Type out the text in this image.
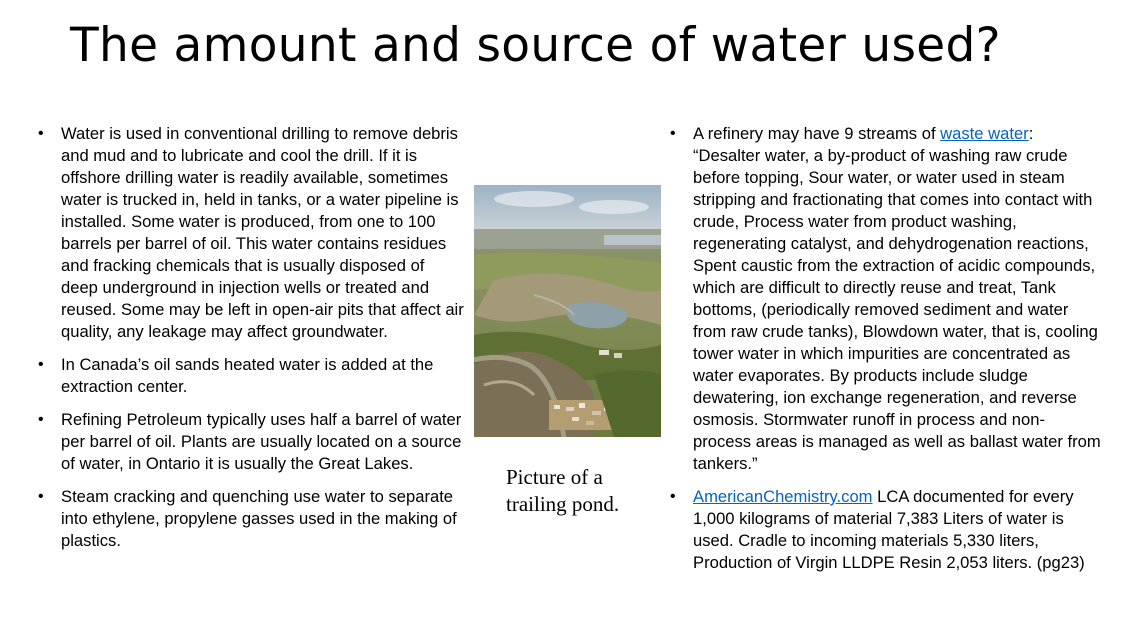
The amount and source of water used?
• Water is used in conventional drilling to remove debris and mud and to lubricate and cool the drill. If it is offshore drilling water is readily available, sometimes water is trucked in, held in tanks, or a water pipeline is installed. Some water is produced, from one to 100 barrels per barrel of oil. This water contains residues and fracking chemicals that is usually disposed of deep underground in injection wells or treated and reused. Some may be left in open-air pits that affect air quality, any leakage may affect groundwater.
• In Canada’s oil sands heated water is added at the extraction center.
• Refining Petroleum typically uses half a barrel of water per barrel of oil. Plants are usually located on a source of water, in Ontario it is usually the Great Lakes.
• Steam cracking and quenching use water to separate into ethylene, propylene gasses used in the making of plastics.
Picture of a trailing pond.
• A refinery may have 9 streams of waste water: “Desalter water, a by-product of washing raw crude before topping, Sour water, or water used in steam stripping and fractionating that comes into contact with crude, Process water from product washing, regenerating catalyst, and dehydrogenation reactions, Spent caustic from the extraction of acidic compounds, which are difficult to directly reuse and treat, Tank bottoms, (periodically removed sediment and water from raw crude tanks), Blowdown water, that is, cooling tower water in which impurities are concentrated as water evaporates. By products include sludge dewatering, ion exchange regeneration, and reverse osmosis. Stormwater runoff in process and non-process areas is managed as well as ballast water from tankers.”
• AmericanChemistry.com LCA documented for every 1,000 kilograms of material 7,383 Liters of water is used. Cradle to incoming materials 5,330 liters, Production of Virgin LLDPE Resin 2,053 liters. (pg23)
